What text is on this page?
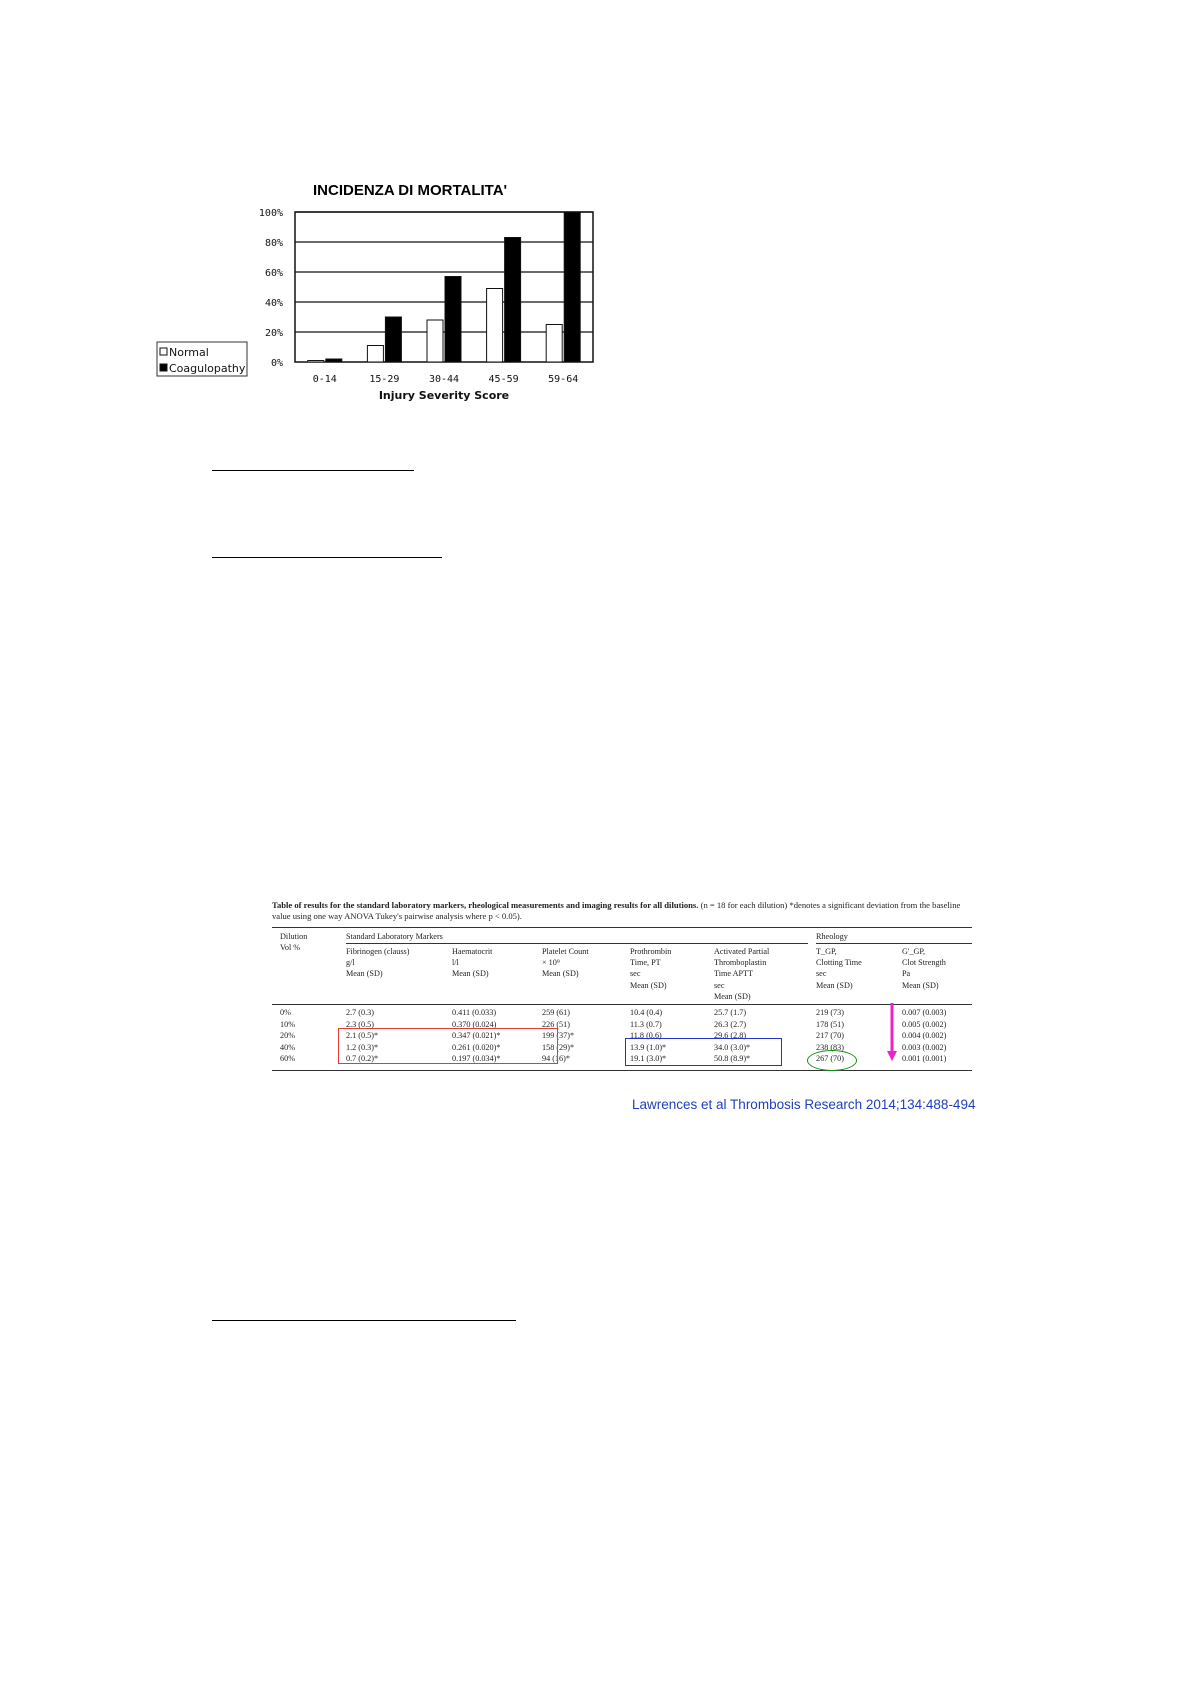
INCIDENZA DI MORTALITA'
0%
20%
40%
60%
80%
100%
0-14	15-29	30-44	45-59	59-64
Injury Severity Score
Normal
Coagulopathy
Table of results for the standard laboratory markers, rheological measurements and imaging results for all dilutions. (n = 18 for each dilution) *denotes a significant deviation from the baseline value using one way ANOVA Tukey's pairwise analysis where p < 0.05).
Dilution
Vol %
Standard Laboratory Markers	Rheology
Fibrinogen (clauss)
g/l
Mean (SD)
Haematocrit
l/l
Mean (SD)
Platelet Count
× 10⁹
Mean (SD)
Prothrombin
Time, PT
sec
Mean (SD)
Activated Partial
Thromboplastin
Time APTT
sec
Mean (SD)
T_GP,
Clotting Time
sec
Mean (SD)
G'_GP,
Clot Strength
Pa
Mean (SD)
0%	2.7 (0.3)	0.411 (0.033)	259 (61)	10.4 (0.4)	25.7 (1.7)	219 (73)	0.007 (0.003)
10%	2.3 (0.5)	0.370 (0.024)	226 (51)	11.3 (0.7)	26.3 (2.7)	178 (51)	0.005 (0.002)
20%	2.1 (0.5)*	0.347 (0.021)*	199 (37)*	11.8 (0.6)	29.6 (2.8)	217 (70)	0.004 (0.002)
40%	1.2 (0.3)*	0.261 (0.020)*	158 (29)*	13.9 (1.0)*	34.0 (3.0)*	238 (83)	0.003 (0.002)
60%	0.7 (0.2)*	0.197 (0.034)*	94 (16)*	19.1 (3.0)*	50.8 (8.9)*	267 (70)	0.001 (0.001)
Lawrences et al Thrombosis Research 2014;134:488-494
